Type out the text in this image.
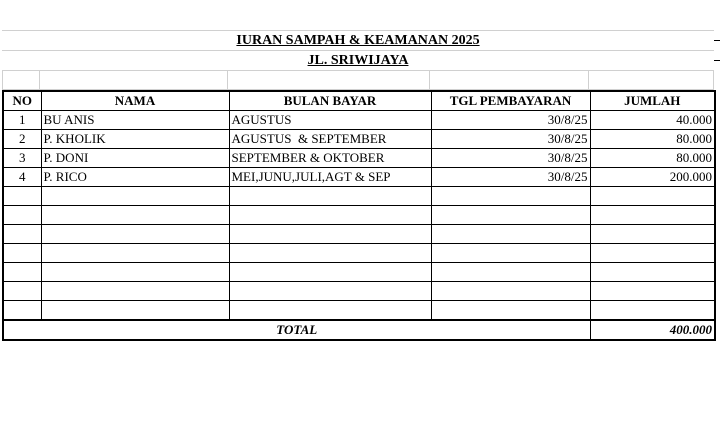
IURAN SAMPAH & KEAMANAN 2025
JL. SRIWIJAYA
NO	NAMA	BULAN BAYAR	TGL PEMBAYARAN	JUMLAH
1	BU ANIS	AGUSTUS	30/8/25	40.000
2	P. KHOLIK	AGUSTUS  & SEPTEMBER	30/8/25	80.000
3	P. DONI	SEPTEMBER & OKTOBER	30/8/25	80.000
4	P. RICO	MEI,JUNU,JULI,AGT & SEP	30/8/25	200.000

TOTAL				400.000
